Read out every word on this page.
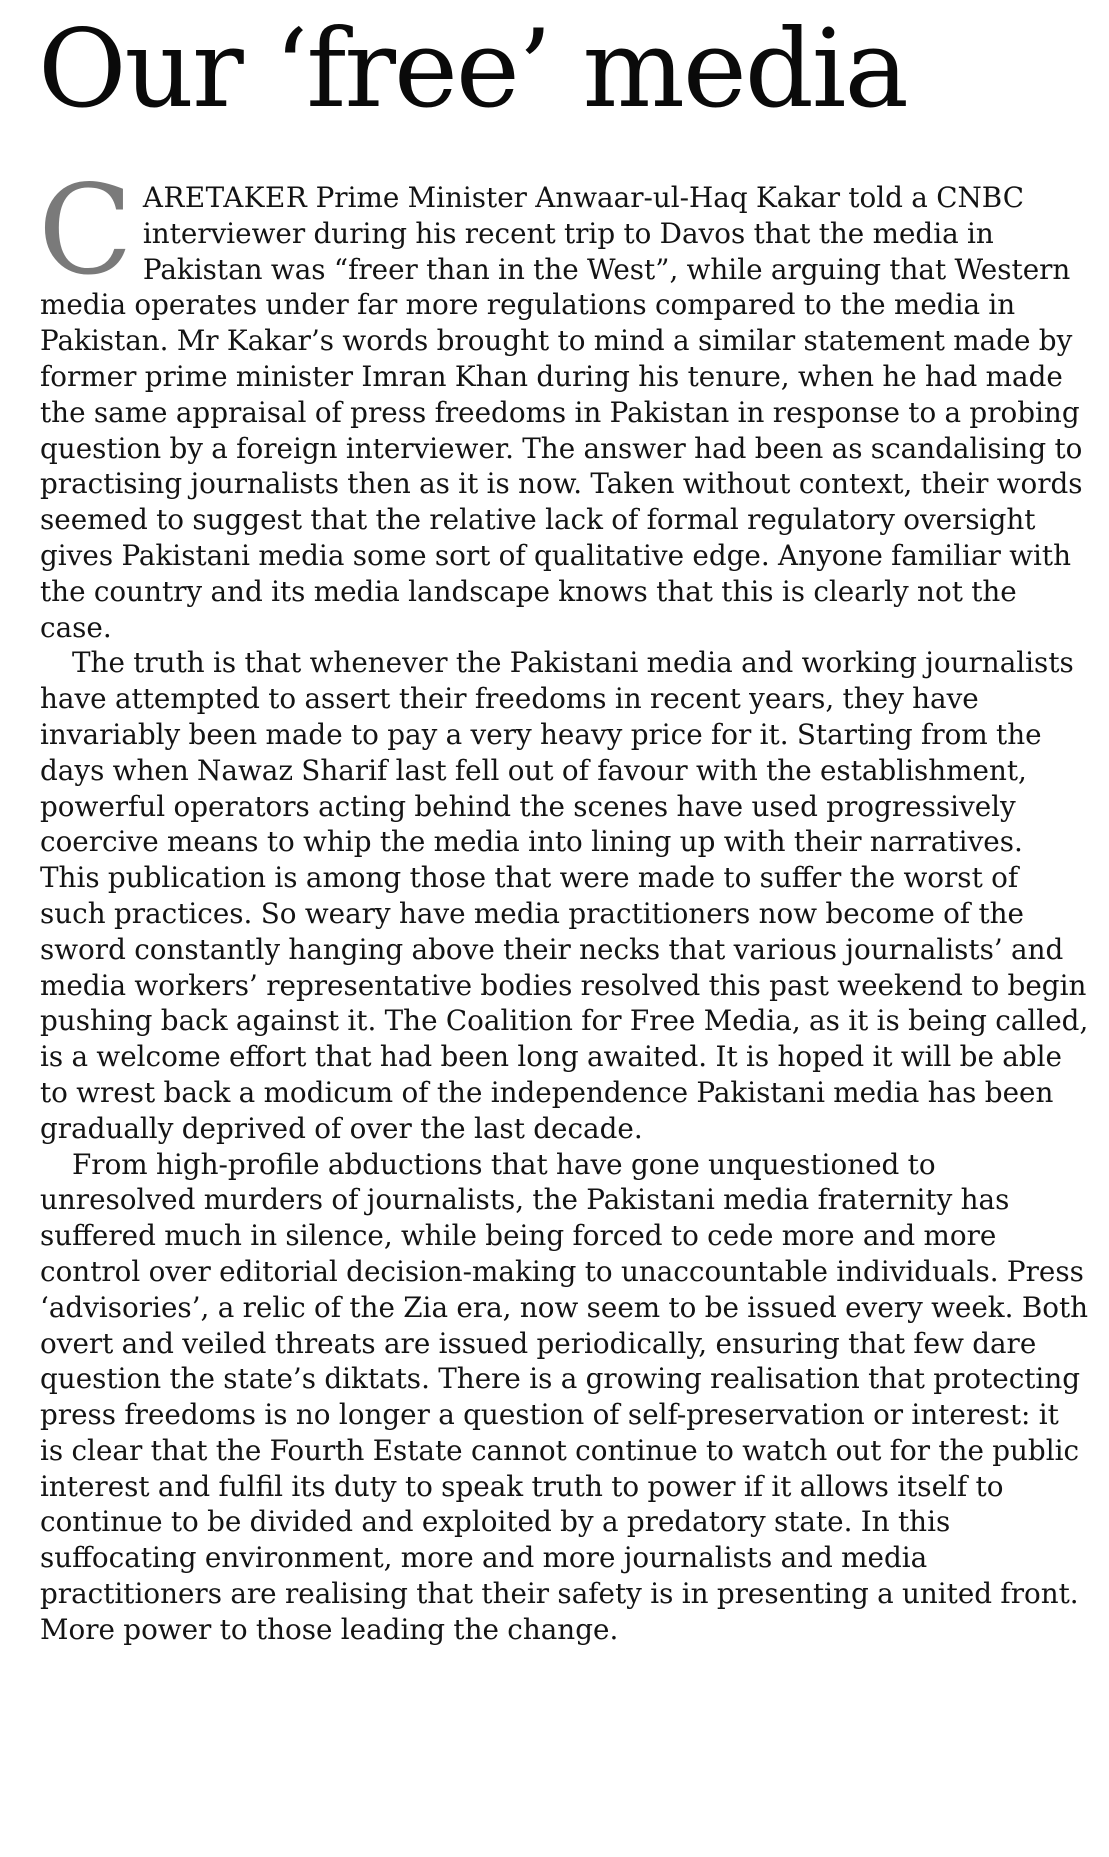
Our ‘free’ media

CARETAKER Prime Minister Anwaar-ul-Haq Kakar told a CNBC interviewer during his recent trip to Davos that the media in Pakistan was “freer than in the West”, while arguing that Western media operates under far more regulations compared to the media in Pakistan. Mr Kakar’s words brought to mind a similar statement made by former prime minister Imran Khan during his tenure, when he had made the same appraisal of press freedoms in Pakistan in response to a probing question by a foreign interviewer. The answer had been as scandalising to practising journalists then as it is now. Taken without context, their words seemed to suggest that the relative lack of formal regulatory oversight gives Pakistani media some sort of qualitative edge. Anyone familiar with the country and its media landscape knows that this is clearly not the case.

The truth is that whenever the Pakistani media and working journalists have attempted to assert their freedoms in recent years, they have invariably been made to pay a very heavy price for it. Starting from the days when Nawaz Sharif last fell out of favour with the establishment, powerful operators acting behind the scenes have used progressively coercive means to whip the media into lining up with their narratives. This publication is among those that were made to suffer the worst of such practices. So weary have media practitioners now become of the sword constantly hanging above their necks that various journalists’ and media workers’ representative bodies resolved this past weekend to begin pushing back against it. The Coalition for Free Media, as it is being called, is a welcome effort that had been long awaited. It is hoped it will be able to wrest back a modicum of the independence Pakistani media has been gradually deprived of over the last decade.

From high-profile abductions that have gone unquestioned to unresolved murders of journalists, the Pakistani media fraternity has suffered much in silence, while being forced to cede more and more control over editorial decision-making to unaccountable individuals. Press ‘advisories’, a relic of the Zia era, now seem to be issued every week. Both overt and veiled threats are issued periodically, ensuring that few dare question the state’s diktats. There is a growing realisation that protecting press freedoms is no longer a question of self-preservation or interest: it is clear that the Fourth Estate cannot continue to watch out for the public interest and fulfil its duty to speak truth to power if it allows itself to continue to be divided and exploited by a predatory state. In this suffocating environment, more and more journalists and media practitioners are realising that their safety is in presenting a united front. More power to those leading the change.
